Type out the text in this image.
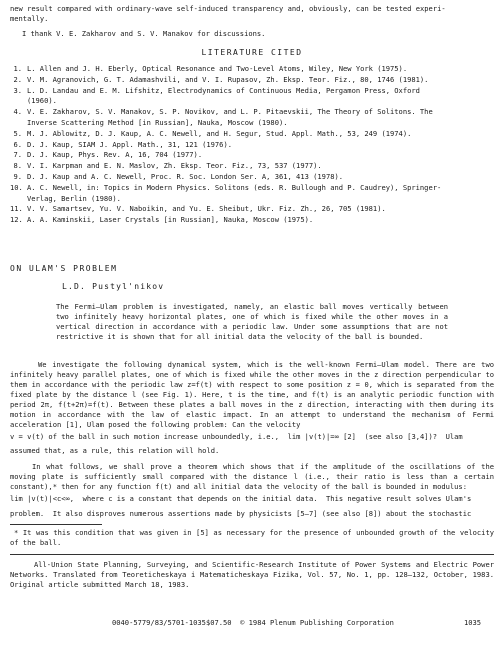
new result compared with ordinary-wave self-induced transparency and, obviously, can be tested experi-
mentally.
I thank V. E. Zakharov and S. V. Manakov for discussions.
LITERATURE CITED
1. L. Allen and J. H. Eberly, Optical Resonance and Two-Level Atoms, Wiley, New York (1975).
2. V. M. Agranovich, G. T. Adamashvili, and V. I. Rupasov, Zh. Eksp. Teor. Fiz., 80, 1746 (1981).
3. L. D. Landau and E. M. Lifshitz, Electrodynamics of Continuous Media, Pergamon Press, Oxford
(1960).
4. V. E. Zakharov, S. V. Manakov, S. P. Novikov, and L. P. Pitaevskii, The Theory of Solitons. The
Inverse Scattering Method [in Russian], Nauka, Moscow (1980).
5. M. J. Ablowitz, D. J. Kaup, A. C. Newell, and H. Segur, Stud. Appl. Math., 53, 249 (1974).
6. D. J. Kaup, SIAM J. Appl. Math., 31, 121 (1976).
7. D. J. Kaup, Phys. Rev. A, 16, 704 (1977).
8. V. I. Karpman and E. N. Maslov, Zh. Eksp. Teor. Fiz., 73, 537 (1977).
9. D. J. Kaup and A. C. Newell, Proc. R. Soc. London Ser. A, 361, 413 (1978).
10. A. C. Newell, in: Topics in Modern Physics. Solitons (eds. R. Bullough and P. Caudrey), Springer-
Verlag, Berlin (1980).
11. V. V. Samartsev, Yu. V. Naboikin, and Yu. E. Sheibut, Ukr. Fiz. Zh., 26, 705 (1981).
12. A. A. Kaminskii, Laser Crystals [in Russian], Nauka, Moscow (1975).
ON ULAM'S PROBLEM
L.D. Pustyl'nikov
The Fermi–Ulam problem is investigated, namely, an elastic ball moves vertically between two infinitely heavy horizontal plates, one of which is fixed while the other moves in a vertical direction in accordance with a periodic law. Under some assumptions that are not restrictive it is shown that for all initial data the velocity of the ball is bounded.
We investigate the following dynamical system, which is the well-known Fermi–Ulam model. There are two infinitely heavy parallel plates, one of which is fixed while the other moves in the z direction perpendicular to them in accordance with the periodic law z=f(t) with respect to some position z = 0, which is separated from the fixed plate by the distance l (see Fig. 1). Here, t is the time, and f(t) is an analytic periodic function with period 2π, f(t+2π)=f(t). Between these plates a ball moves in the z direction, interacting with them during its motion in accordance with the law of elastic impact. In an attempt to understand the mechanism of Fermi acceleration [1], Ulam posed the following problem: Can the velocity
v = v(t) of the ball in such motion increase unboundedly, i.e.,  lim |v(t)|=∞ [2]  (see also [3,4])?  Ulam
assumed that, as a rule, this relation will hold.
In what follows, we shall prove a theorem which shows that if the amplitude of the oscillations of the moving plate is sufficiently small compared with the distance l (i.e., their ratio is less than a certain constant),* then for any function f(t) and all initial data the velocity of the ball is bounded in modulus:
lim |v(t)|<c<∞,  where c is a constant that depends on the initial data.  This negative result solves Ulam's
problem.  It also disproves numerous assertions made by physicists [5–7] (see also [8]) about the stochastic
* It was this condition that was given in [5] as necessary for the presence of unbounded growth of the velocity of the ball.
All-Union State Planning, Surveying, and Scientific-Research Institute of Power Systems and Electric Power Networks. Translated from Teoreticheskaya i Matematicheskaya Fizika, Vol. 57, No. 1, pp. 128–132, October, 1983. Original article submitted March 18, 1983.
0040-5779/83/5701-1035$07.50  © 1984 Plenum Publishing Corporation	1035
